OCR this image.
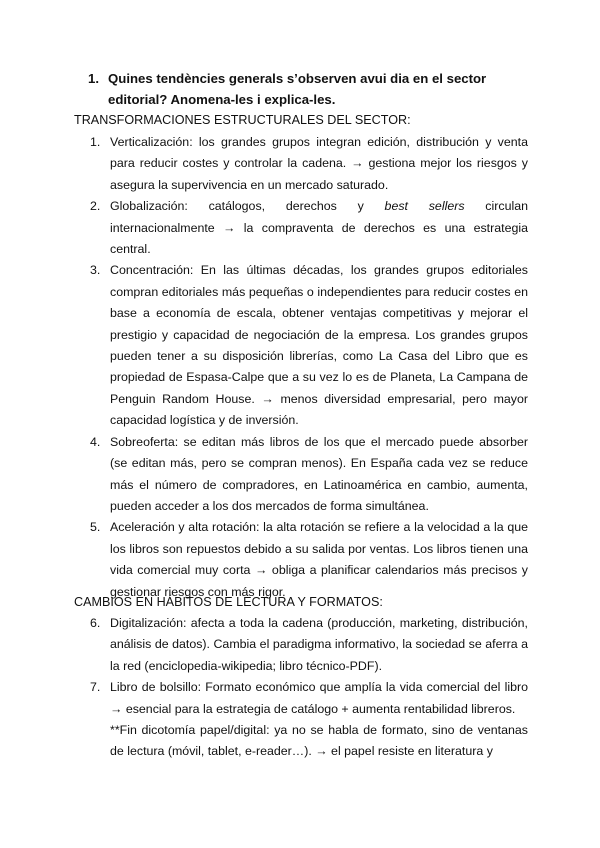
1. Quines tendències generals s’observen avui dia en el sector editorial? Anomena-les i explica-les.
TRANSFORMACIONES ESTRUCTURALES DEL SECTOR:
1. Verticalización: los grandes grupos integran edición, distribución y venta para reducir costes y controlar la cadena. → gestiona mejor los riesgos y asegura la supervivencia en un mercado saturado.

2. Globalización: catálogos, derechos y best sellers circulan internacionalmente → la compraventa de derechos es una estrategia central.

3. Concentración: En las últimas décadas, los grandes grupos editoriales compran editoriales más pequeñas o independientes para reducir costes en base a economía de escala, obtener ventajas competitivas y mejorar el prestigio y capacidad de negociación de la empresa. Los grandes grupos pueden tener a su disposición librerías, como La Casa del Libro que es propiedad de Espasa-Calpe que a su vez lo es de Planeta, La Campana de Penguin Random House. → menos diversidad empresarial, pero mayor capacidad logística y de inversión.

4. Sobreoferta: se editan más libros de los que el mercado puede absorber (se editan más, pero se compran menos). En España cada vez se reduce más el número de compradores, en Latinoamérica en cambio, aumenta, pueden acceder a los dos mercados de forma simultánea.

5. Aceleración y alta rotación: la alta rotación se refiere a la velocidad a la que los libros son repuestos debido a su salida por ventas. Los libros tienen una vida comercial muy corta → obliga a planificar calendarios más precisos y gestionar riesgos con más rigor.

CAMBIOS EN HÁBITOS DE LECTURA Y FORMATOS:
6. Digitalización: afecta a toda la cadena (producción, marketing, distribución, análisis de datos). Cambia el paradigma informativo, la sociedad se aferra a la red (enciclopedia-wikipedia; libro técnico-PDF).

7. Libro de bolsillo: Formato económico que amplía la vida comercial del libro → esencial para la estrategia de catálogo + aumenta rentabilidad libreros.

**Fin dicotomía papel/digital: ya no se habla de formato, sino de ventanas de lectura (móvil, tablet, e-reader…). → el papel resiste en literatura y
